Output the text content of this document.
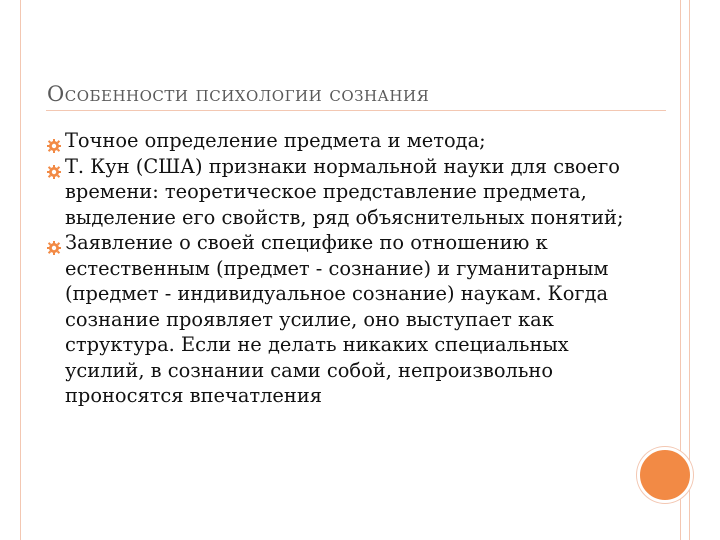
Особенности психологии сознания
Точное определение предмета и метода;
Т. Кун (США) признаки нормальной науки для своего времени: теоретическое представление предмета, выделение его свойств, ряд объяснительных понятий;
Заявление о своей специфике по отношению к естественным (предмет - сознание) и гуманитарным (предмет - индивидуальное сознание) наукам. Когда сознание проявляет усилие, оно выступает как структура. Если не делать никаких специальных усилий, в сознании сами собой, непроизвольно проносятся впечатления
